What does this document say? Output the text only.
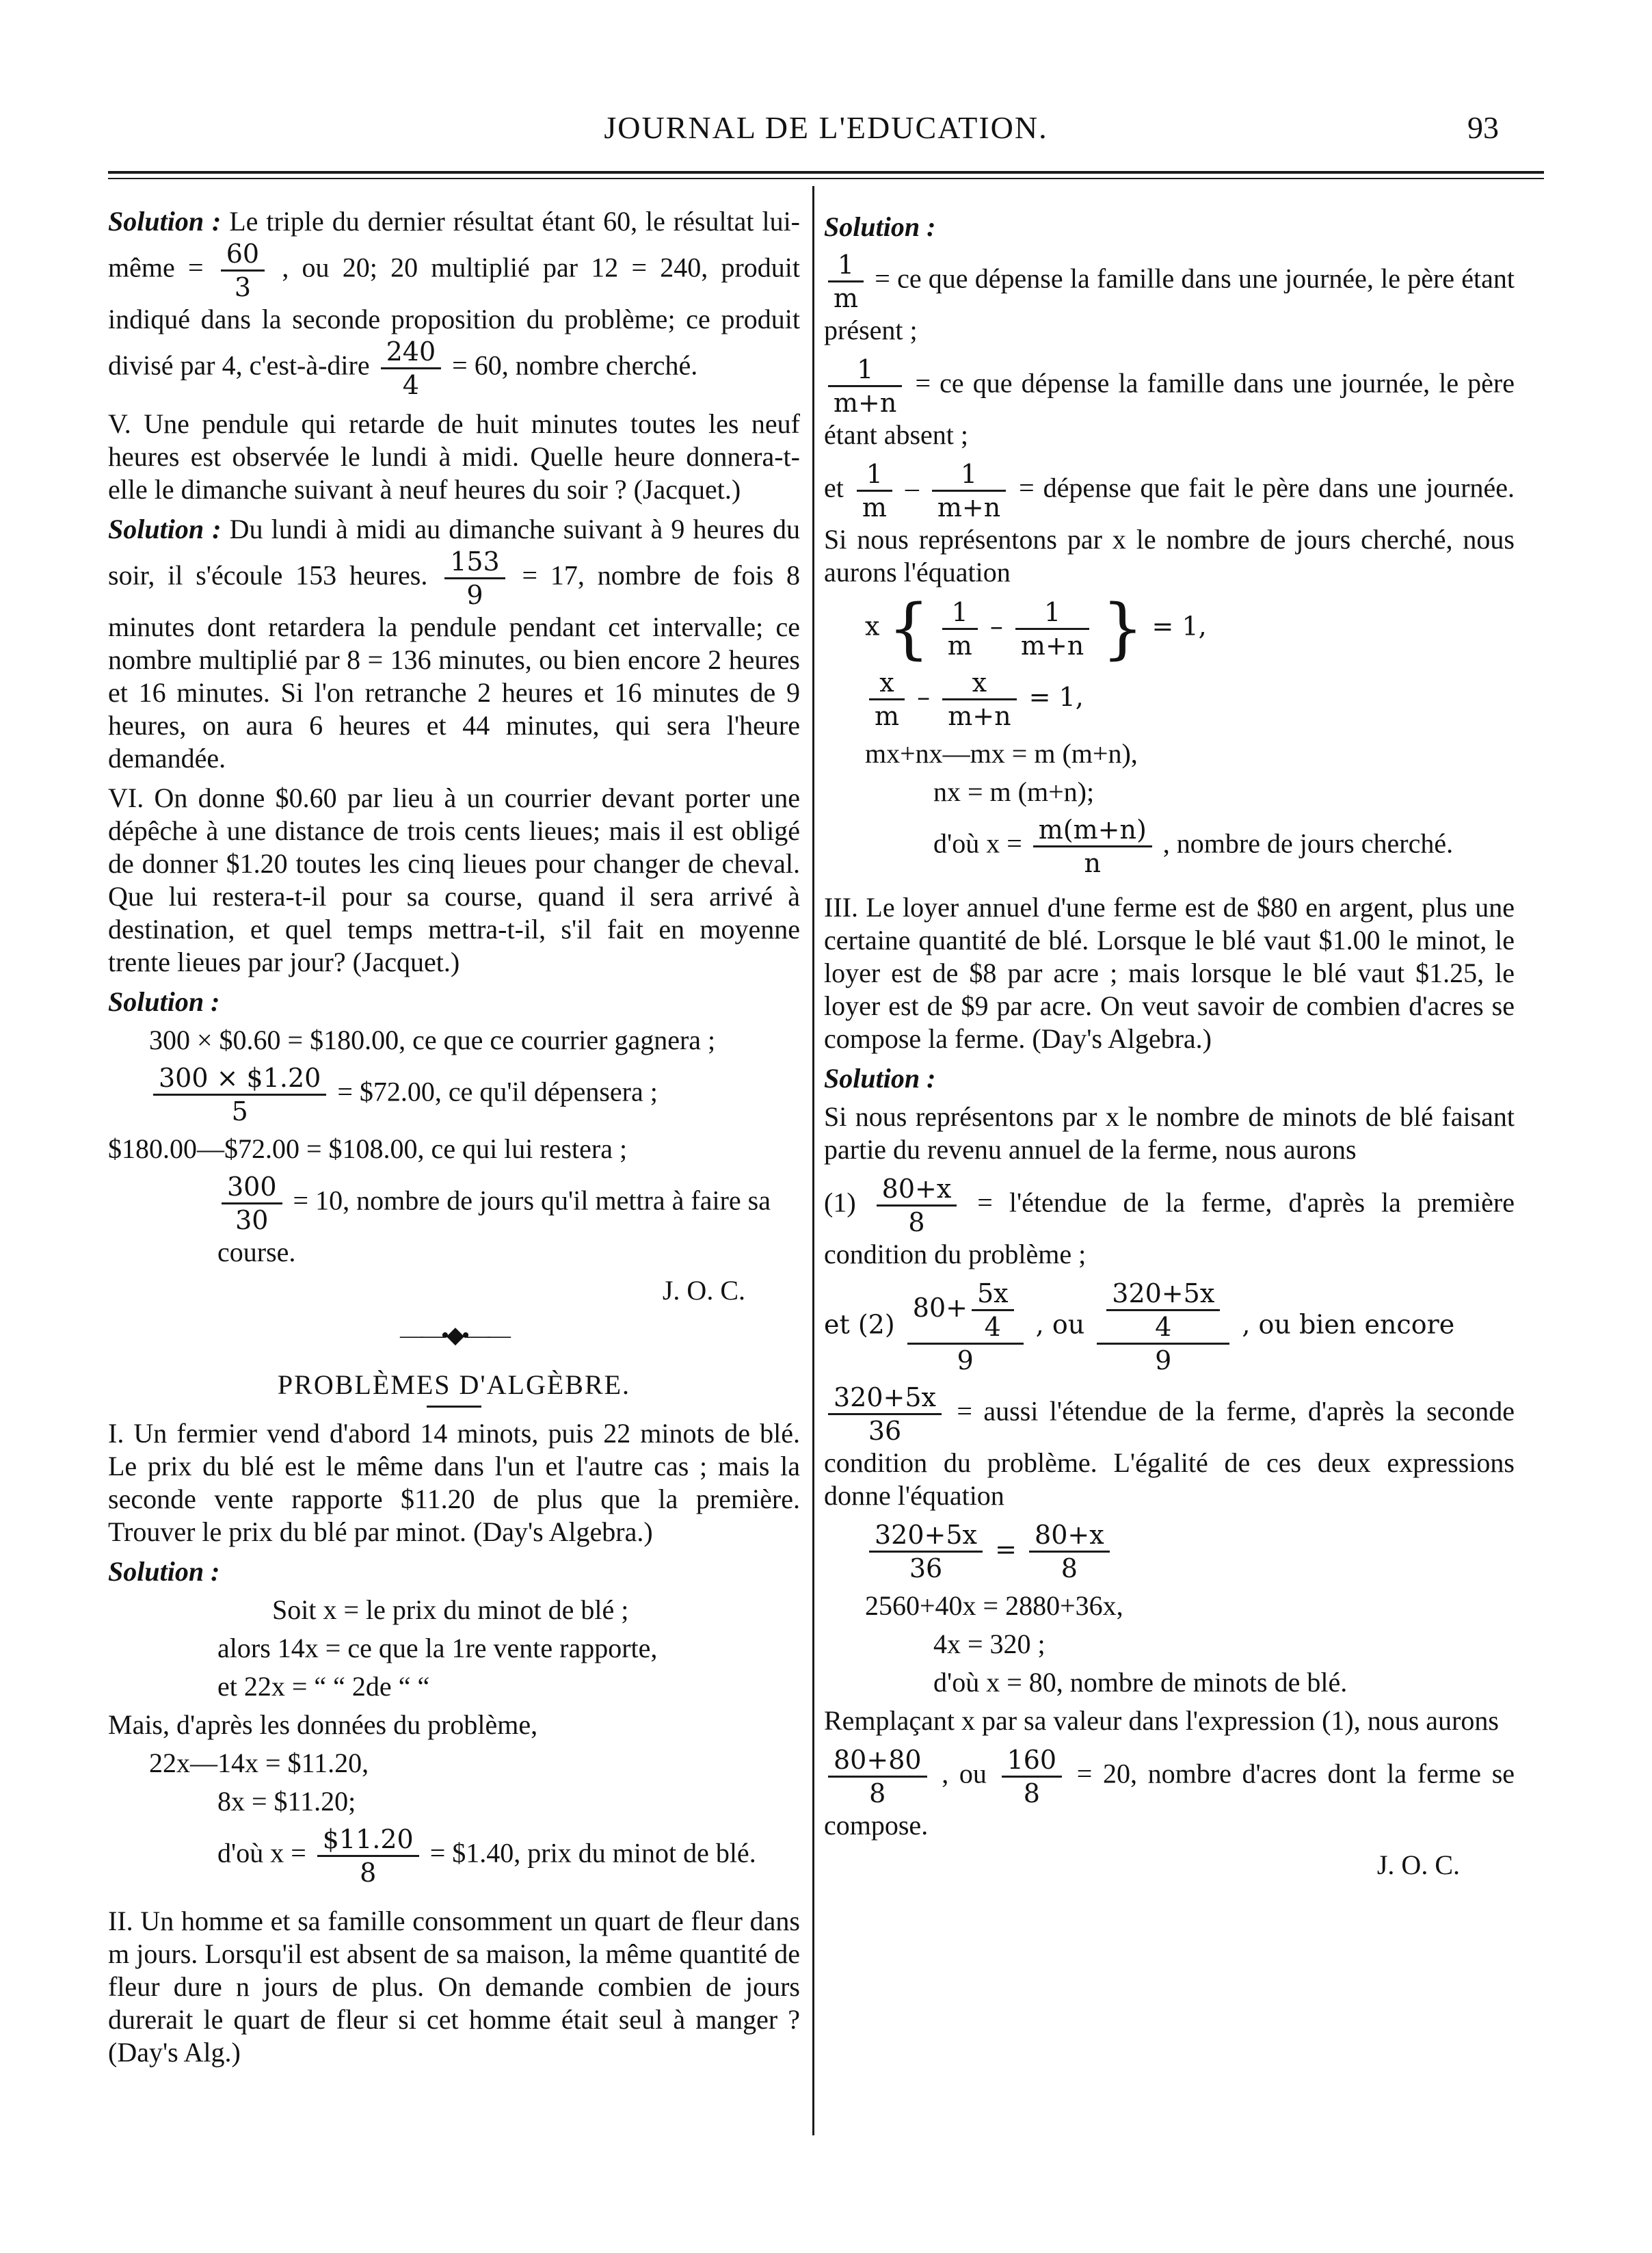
JOURNAL DE L'EDUCATION.	93

Solution : Le triple du dernier résultat étant 60, le résultat lui-même = $\frac{60}{3}$ , ou 20; 20 multiplié par 12 = 240, produit indiqué dans la seconde proposition du problème; ce produit divisé par 4, c'est-à-dire $\frac{240}{4} = 60$, nombre cherché.

V. Une pendule qui retarde de huit minutes toutes les neuf heures est observée le lundi à midi. Quelle heure donnera-t-elle le dimanche suivant à neuf heures du soir ? (Jacquet.)

Solution : Du lundi à midi au dimanche suivant à 9 heures du soir, il s'écoule 153 heures. $\frac{153}{9} = 17$, nombre de fois 8 minutes dont retardera la pendule pendant cet intervalle; ce nombre multiplié par 8 = 136 minutes, ou bien encore 2 heures et 16 minutes. Si l'on retranche 2 heures et 16 minutes de 9 heures, on aura 6 heures et 44 minutes, qui sera l'heure demandée.

VI. On donne $0.60 par lieu à un courrier devant porter une dépêche à une distance de trois cents lieues; mais il est obligé de donner $1.20 toutes les cinq lieues pour changer de cheval. Que lui restera-t-il pour sa course, quand il sera arrivé à destination, et quel temps mettra-t-il, s'il fait en moyenne trente lieues par jour? (Jacquet.)

Solution :
300 × $0.60 = $180.00, ce que ce courrier gagnera ;
$\frac{300 \times \$1.20}{5}$ = $72.00, ce qu'il dépensera ;
$180.00—$72.00 = $108.00, ce qui lui restera ;
$\frac{300}{30} = 10$, nombre de jours qu'il mettra à faire sa course.
J. O. C.
——•◆•——
PROBLÈMES D'ALGÈBRE.

I. Un fermier vend d'abord 14 minots, puis 22 minots de blé. Le prix du blé est le même dans l'un et l'autre cas ; mais la seconde vente rapporte $11.20 de plus que la première. Trouver le prix du blé par minot. (Day's Algebra.)

Solution :
Soit x = le prix du minot de blé ;
alors 14x = ce que la 1re vente rapporte,
et 22x = “ “ 2de “ “
Mais, d'après les données du problème,
22x—14x = $11.20,
8x = $11.20;
d'où $x = \frac{\$11.20}{8}$ = $1.40, prix du minot de blé.

II. Un homme et sa famille consomment un quart de fleur dans m jours. Lorsqu'il est absent de sa maison, la même quantité de fleur dure n jours de plus. On demande combien de jours durerait le quart de fleur si cet homme était seul à manger ? (Day's Alg.)

Solution :

$\frac{1}{m}$ = ce que dépense la famille dans une journée, le père étant présent ;

$\frac{1}{m+n}$ = ce que dépense la famille dans une journée, le père étant absent ;

et $\frac{1}{m} - \frac{1}{m+n}$ = dépense que fait le père dans une journée. Si nous représentons par x le nombre de jours cherché, nous aurons l'équation

x { $\frac{1}{m} - \frac{1}{m+n}$ } = 1,
$\frac{x}{m} - \frac{x}{m+n} = 1$,
mx+nx—mx = m (m+n),
nx = m (m+n);
d'où $x = \frac{m(m+n)}{n}$ , nombre de jours cherché.

III. Le loyer annuel d'une ferme est de $80 en argent, plus une certaine quantité de blé. Lorsque le blé vaut $1.00 le minot, le loyer est de $8 par acre ; mais lorsque le blé vaut $1.25, le loyer est de $9 par acre. On veut savoir de combien d'acres se compose la ferme. (Day's Algebra.)

Solution :

Si nous représentons par x le nombre de minots de blé faisant partie du revenu annuel de la ferme, nous aurons

$(1) \frac{80+x}{8}$ = l'étendue de la ferme, d'après la première condition du problème ;

et $(2) \frac{80+ \frac{5x}{4}}{9}$ , ou $\frac{\frac{320+5x}{4}}{9}$ , ou bien encore

$\frac{320+5x}{36}$ = aussi l'étendue de la ferme, d'après la seconde condition du problème. L'égalité de ces deux expressions donne l'équation

$\frac{320+5x}{36} = \frac{80+x}{8}$
2560+40x = 2880+36x,
4x = 320 ;
d'où x = 80, nombre de minots de blé.

Remplaçant x par sa valeur dans l'expression (1), nous aurons

$\frac{80+80}{8}$ , ou $\frac{160}{8} = 20$, nombre d'acres dont la ferme se compose.

J. O. C.
